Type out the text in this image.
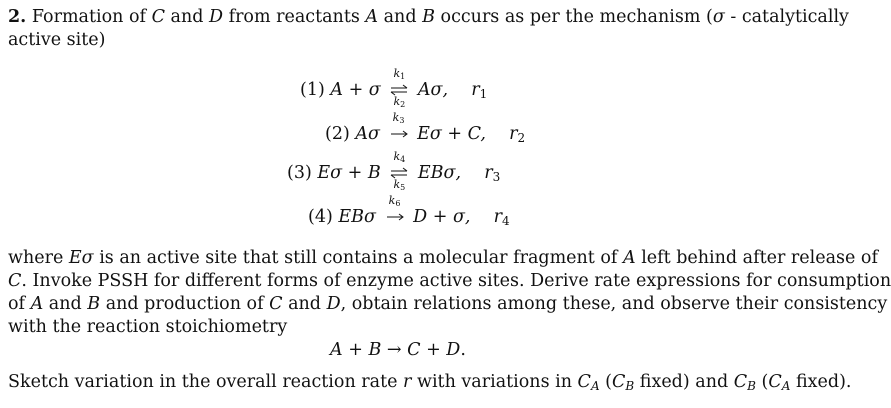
2. Formation of C and D from reactants A and B occurs as per the mechanism (σ - catalytically
active site)
(1) A + σ
k1
k2
Aσ, r1
(2) Aσ
k3
Eσ + C, r2
(3) Eσ + B
k4
k5
EBσ, r3
(4) EBσ
k6
D + σ, r4
where Eσ is an active site that still contains a molecular fragment of A left behind after release of
C. Invoke PSSH for different forms of enzyme active sites. Derive rate expressions for consumption
of A and B and production of C and D, obtain relations among these, and observe their consistency
with the reaction stoichiometry
A + B → C + D.
Sketch variation in the overall reaction rate r with variations in CA (CB fixed) and CB (CA fixed).
